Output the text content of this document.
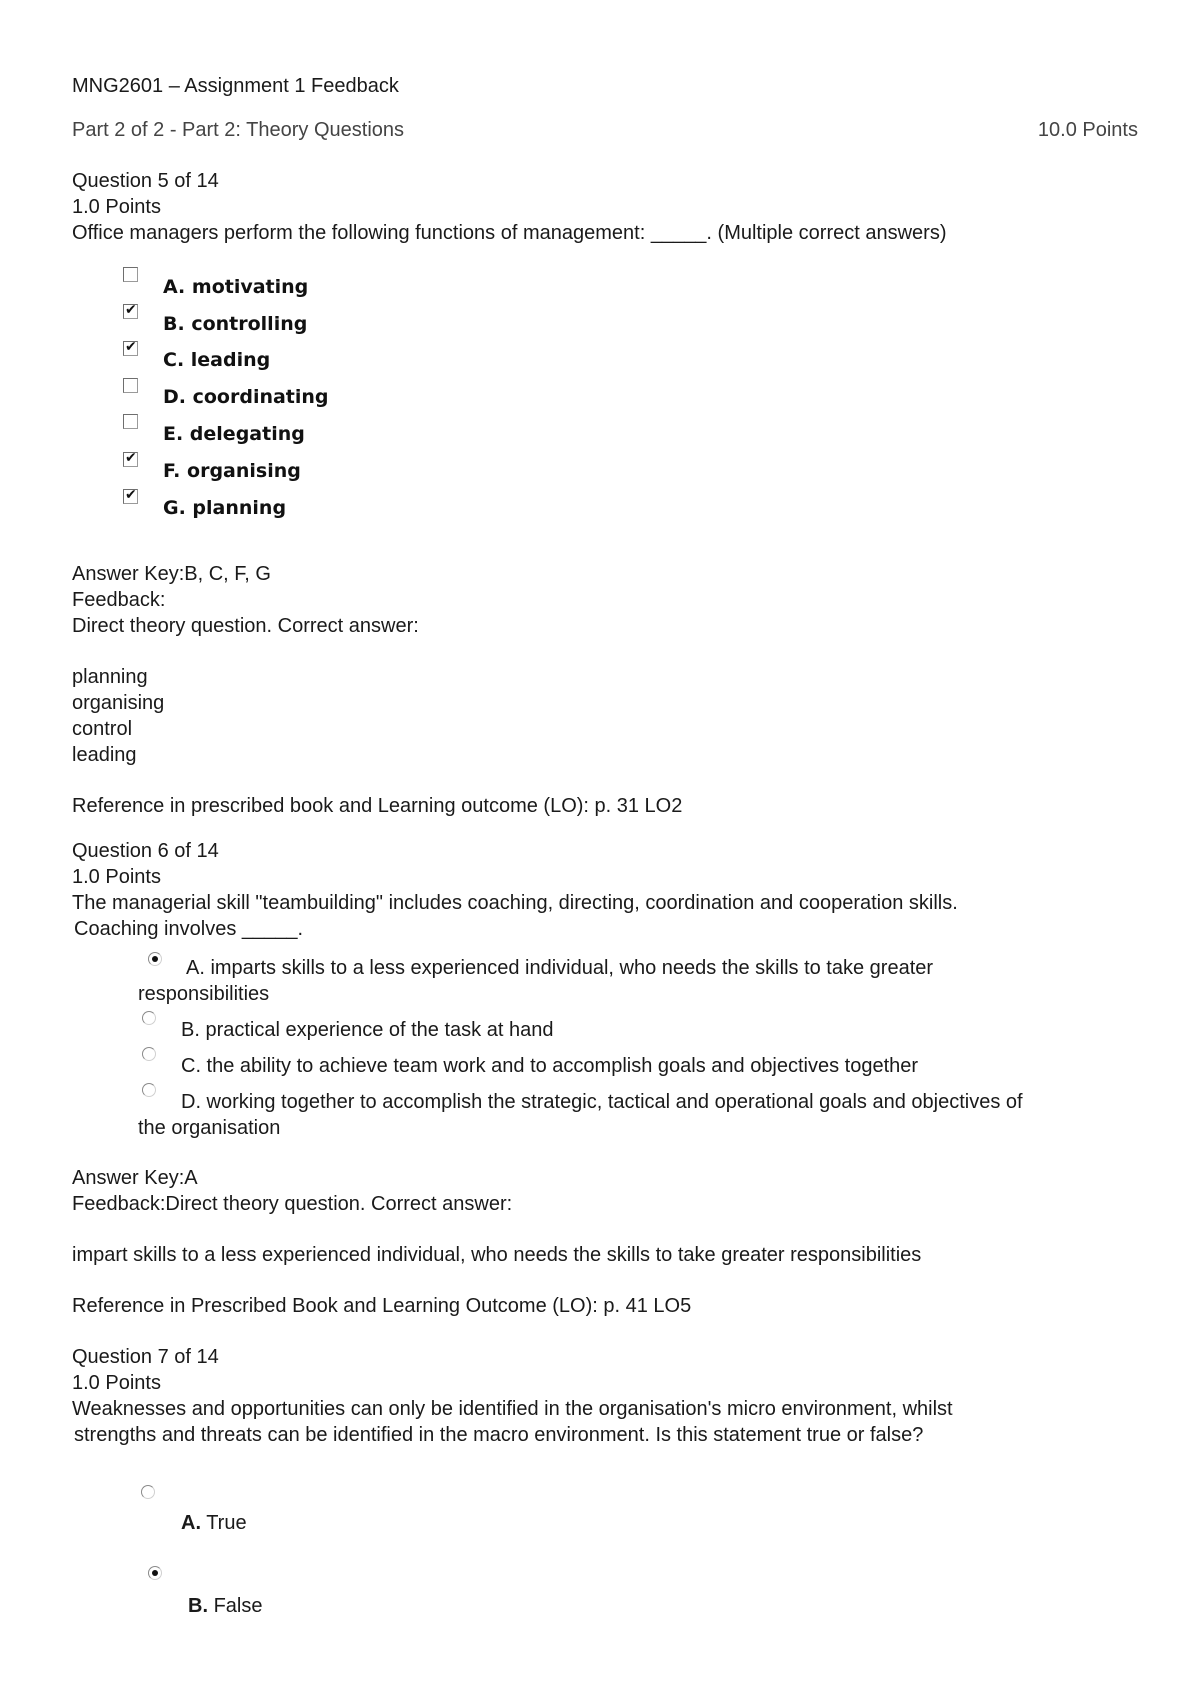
MNG2601 – Assignment 1 Feedback
Part 2 of 2 - Part 2: Theory Questions	10.0 Points
Question 5 of 14
1.0 Points
Office managers perform the following functions of management: _____. (Multiple correct answers)
A. motivating
✔
B. controlling
✔
C. leading
D. coordinating
E. delegating
✔
F. organising
✔
G. planning
Answer Key:B, C, F, G
Feedback:
Direct theory question. Correct answer:
planning
organising
control
leading
Reference in prescribed book and Learning outcome (LO): p. 31 LO2
Question 6 of 14
1.0 Points
The managerial skill "teambuilding" includes coaching, directing, coordination and cooperation skills.
Coaching involves _____.
A. imparts skills to a less experienced individual, who needs the skills to take greater
responsibilities
B. practical experience of the task at hand
C. the ability to achieve team work and to accomplish goals and objectives together
D. working together to accomplish the strategic, tactical and operational goals and objectives of
the organisation
Answer Key:A
Feedback:Direct theory question. Correct answer:
impart skills to a less experienced individual, who needs the skills to take greater responsibilities
Reference in Prescribed Book and Learning Outcome (LO): p. 41 LO5
Question 7 of 14
1.0 Points
Weaknesses and opportunities can only be identified in the organisation's micro environment, whilst
strengths and threats can be identified in the macro environment. Is this statement true or false?
A. True
B. False
